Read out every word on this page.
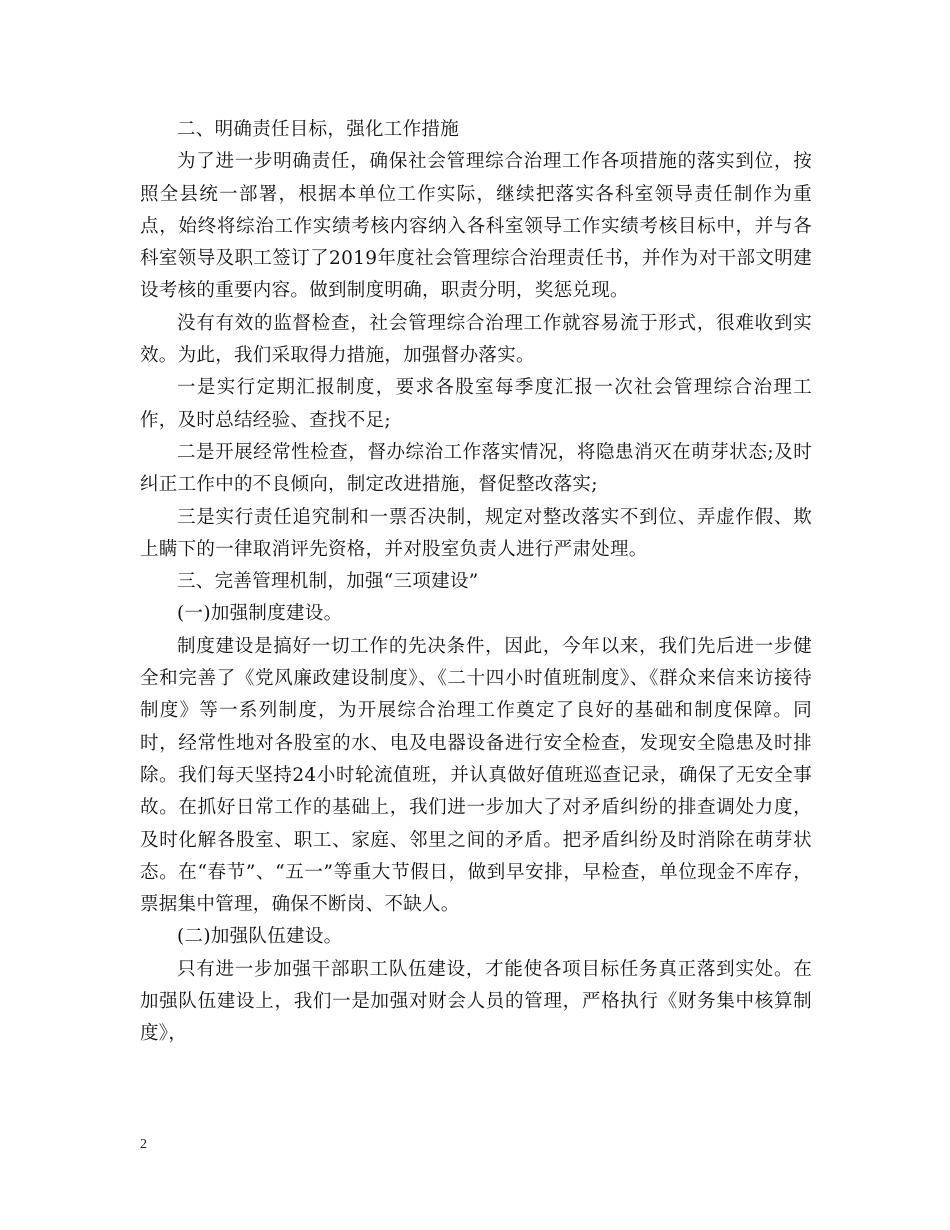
二、明确责任目标，强化工作措施

为了进一步明确责任，确保社会管理综合治理工作各项措施的落实到位，按照全县统一部署，根据本单位工作实际，继续把落实各科室领导责任制作为重点，始终将综治工作实绩考核内容纳入各科室领导工作实绩考核目标中，并与各科室领导及职工签订了2019年度社会管理综合治理责任书，并作为对干部文明建设考核的重要内容。做到制度明确，职责分明，奖惩兑现。

没有有效的监督检查，社会管理综合治理工作就容易流于形式，很难收到实效。为此，我们采取得力措施，加强督办落实。

一是实行定期汇报制度，要求各股室每季度汇报一次社会管理综合治理工作，及时总结经验、查找不足;

二是开展经常性检查，督办综治工作落实情况，将隐患消灭在萌芽状态;及时纠正工作中的不良倾向，制定改进措施，督促整改落实;

三是实行责任追究制和一票否决制，规定对整改落实不到位、弄虚作假、欺上瞒下的一律取消评先资格，并对股室负责人进行严肃处理。

三、完善管理机制，加强“三项建设”

(一)加强制度建设。

制度建设是搞好一切工作的先决条件，因此，今年以来，我们先后进一步健全和完善了《党风廉政建设制度》、《二十四小时值班制度》、《群众来信来访接待制度》等一系列制度，为开展综合治理工作奠定了良好的基础和制度保障。同时，经常性地对各股室的水、电及电器设备进行安全检查，发现安全隐患及时排除。我们每天坚持24小时轮流值班，并认真做好值班巡查记录，确保了无安全事故。在抓好日常工作的基础上，我们进一步加大了对矛盾纠纷的排查调处力度，及时化解各股室、职工、家庭、邻里之间的矛盾。把矛盾纠纷及时消除在萌芽状态。在“春节”、“五一”等重大节假日，做到早安排，早检查，单位现金不库存，票据集中管理，确保不断岗、不缺人。

(二)加强队伍建设。

只有进一步加强干部职工队伍建设，才能使各项目标任务真正落到实处。在加强队伍建设上，我们一是加强对财会人员的管理，严格执行《财务集中核算制度》，

2
